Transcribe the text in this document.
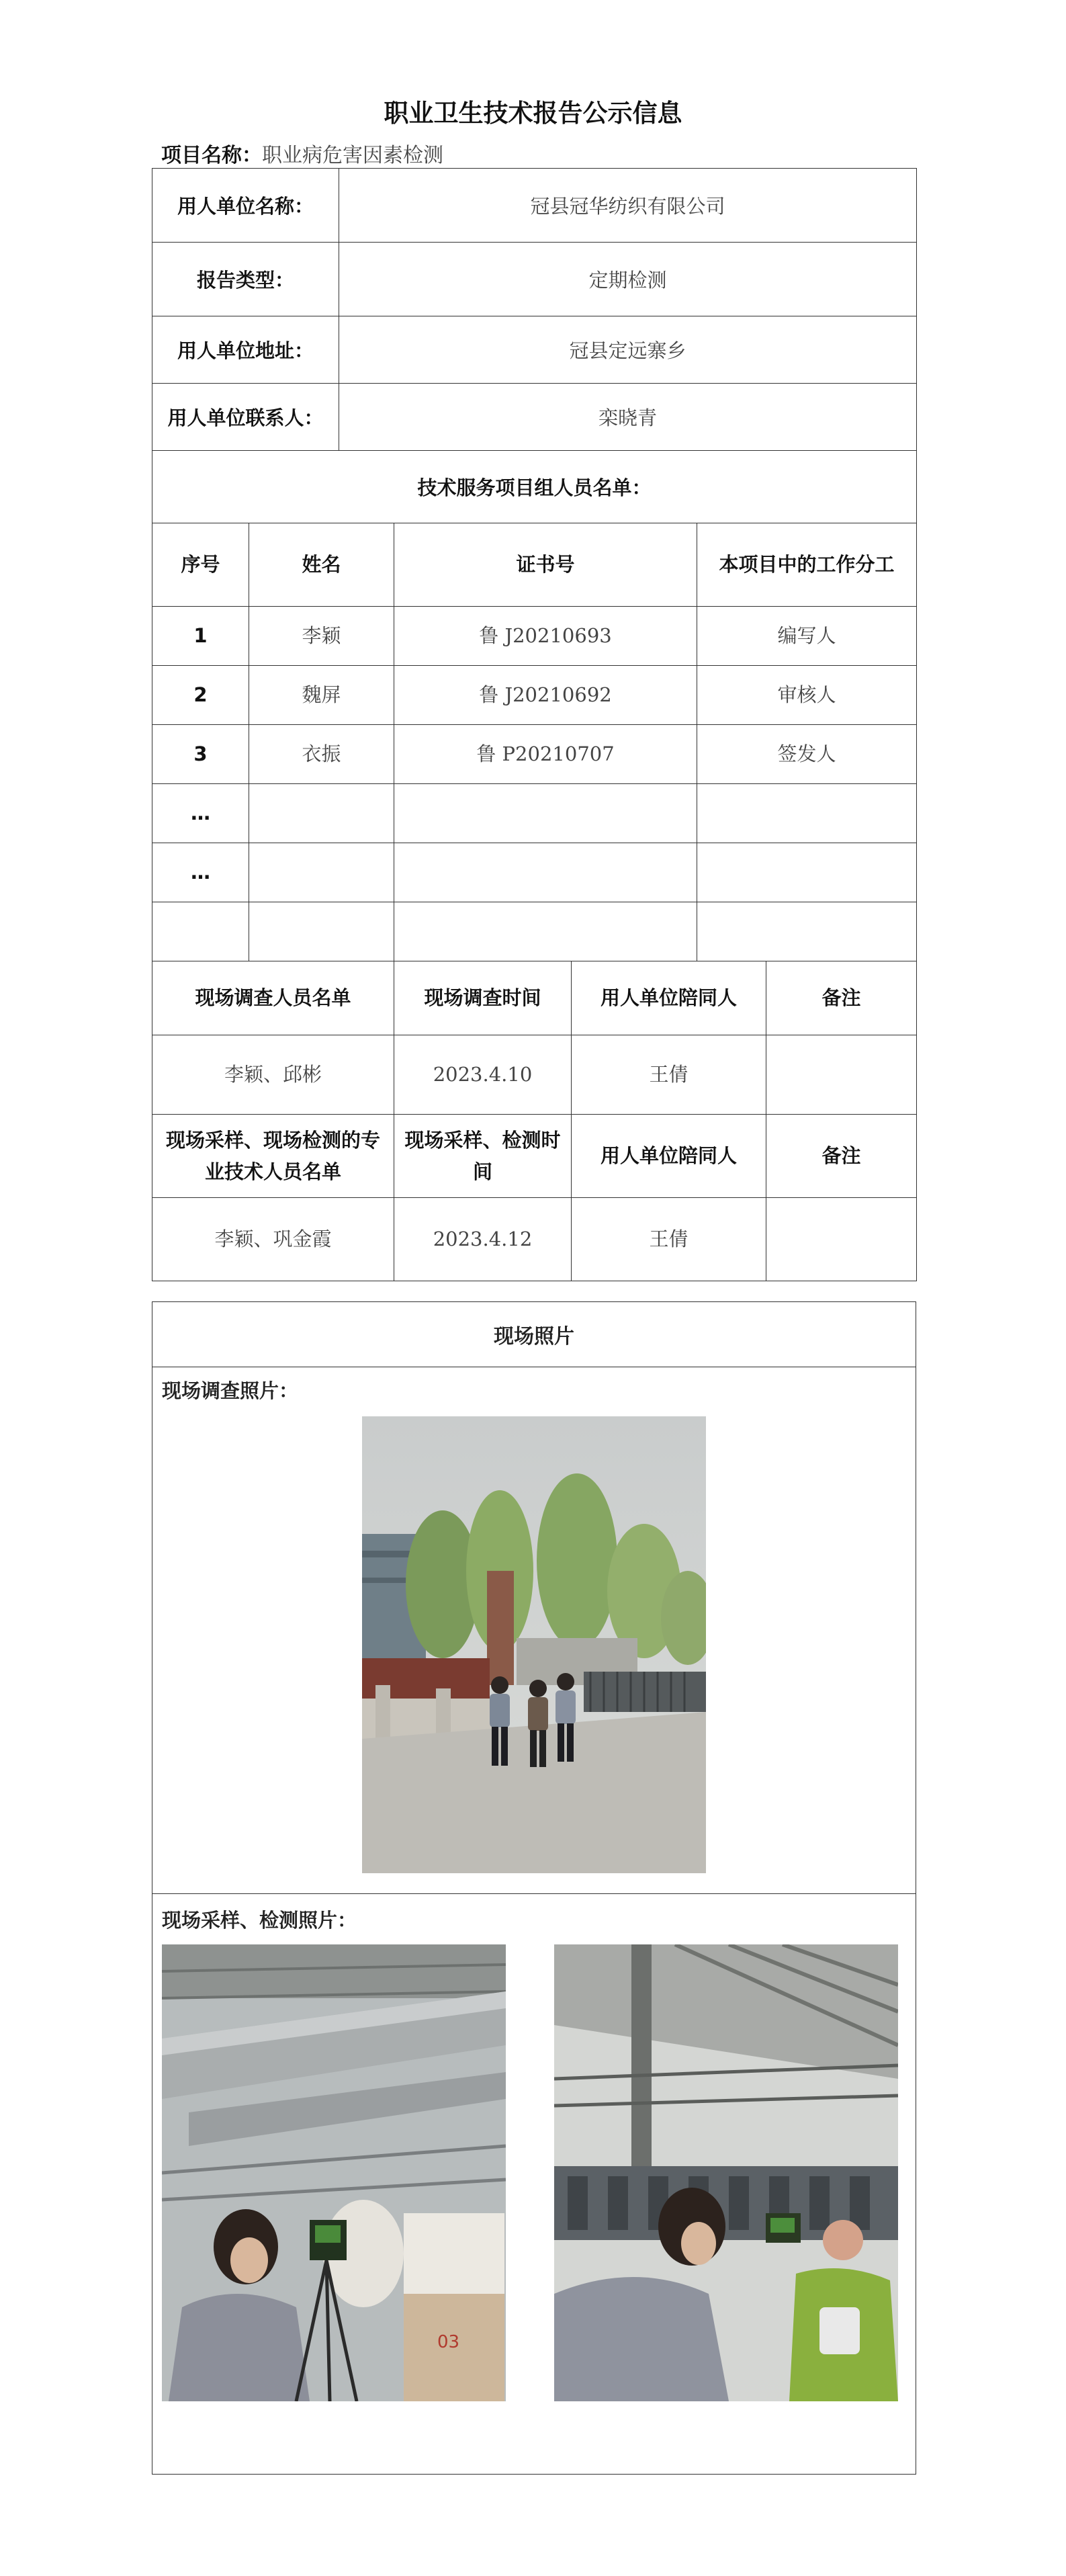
职业卫生技术报告公示信息
项目名称：职业病危害因素检测
用人单位名称：	冠县冠华纺织有限公司
报告类型：	定期检测
用人单位地址：	冠县定远寨乡
用人单位联系人：	栾晓青
技术服务项目组人员名单：	
序号	姓名	证书号	本项目中的工作分工
1	李颖	鲁 J20210693	编写人
2	魏屏	鲁 J20210692	审核人
3	衣振	鲁 P20210707	签发人
…			
…			

现场调查人员名单	现场调查时间	用人单位陪同人	备注
李颖、邱彬	2023.4.10	王倩	
现场采样、现场检测的专业技术人员名单	现场采样、检测时间	用人单位陪同人	备注
李颖、巩金霞	2023.4.12	王倩	
现场照片
现场调查照片：
现场采样、检测照片：
03
